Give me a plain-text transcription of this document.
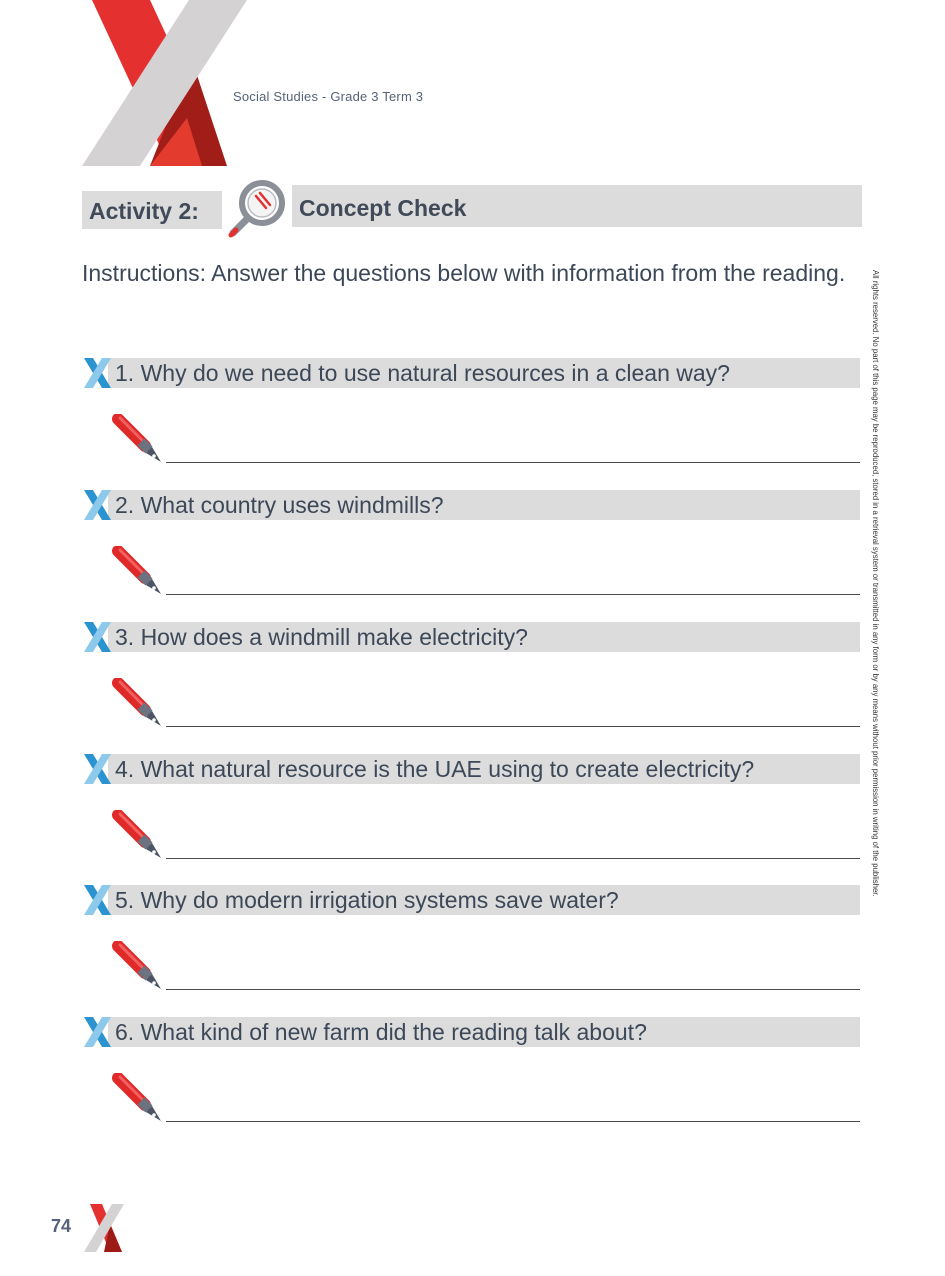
Social Studies - Grade 3 Term 3
Activity 2:	Concept Check
Instructions: Answer the questions below with information from the reading.	All rights reserved. No part of this page may be reproduced, stored in a retrieval system or transmitted in any form or by any means without prior permission in writing of the publisher.
1. Why do we need to use natural resources in a clean way?
2. What country uses windmills?
3. How does a windmill make electricity?
4. What natural resource is the UAE using to create electricity?
5. Why do modern irrigation systems save water?
6. What kind of new farm did the reading talk about?
74
